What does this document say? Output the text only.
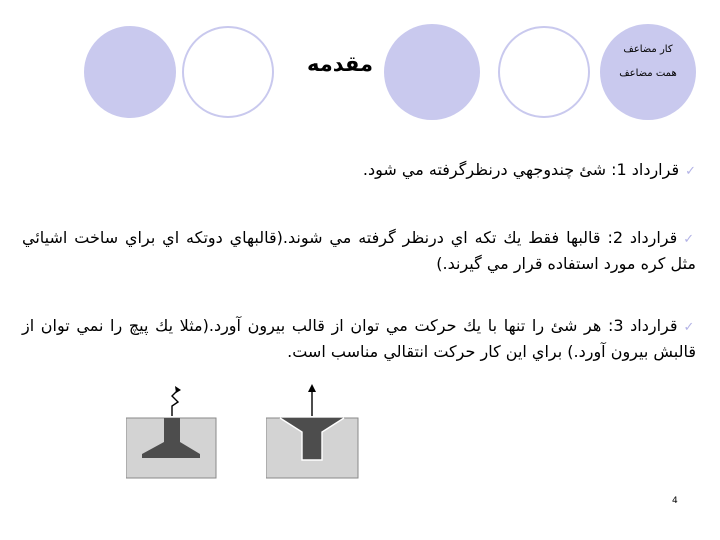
مقدمه
كار مضاعف
همت مضاعف
✓قرارداد 1: شئ چندوجهي درنظرگرفته مي شود.
✓قرارداد 2: قالبها فقط يك تكه اي درنظر گرفته مي شوند.(قالبهاي دوتكه اي براي ساخت اشيائي مثل كره مورد استفاده قرار مي گيرند.)
✓قرارداد 3: هر شئ را تنها با يك حركت مي توان از قالب بيرون آورد.(مثلا يك پيچ را نمي توان از قالبش بيرون آورد.) براي اين كار حركت انتقالي مناسب است.
4
